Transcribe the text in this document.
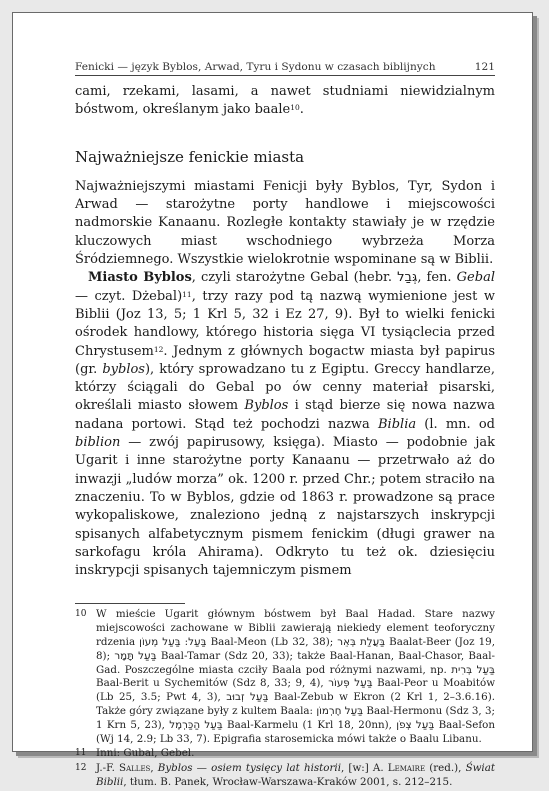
Fenicki — język Byblos, Arwad, Tyru i Sydonu w czasach biblijnych	121

cami, rzekami, lasami, a nawet studniami niewidzialnym bóstwom, określanym jako baale$^{10}$.

Najważniejsze fenickie miasta

Najważniejszymi miastami Fenicji były Byblos, Tyr, Sydon i Arwad — starożytne porty handlowe i miejscowości nadmorskie Kanaanu. Rozległe kontakty stawiały je w rzędzie kluczowych miast wschodniego wybrzeża Morza Śródziemnego. Wszystkie wielokrotnie wspominane są w Biblii.

Miasto Byblos, czyli starożytne Gebal (hebr. גְּבַל, fen. Gebal — czyt. Dżebal)$^{11}$, trzy razy pod tą nazwą wymienione jest w Biblii (Joz 13, 5; 1 Krl 5, 32 i Ez 27, 9). Był to wielki fenicki ośrodek handlowy, którego historia sięga VI tysiąclecia przed Chrystusem$^{12}$. Jednym z głównych bogactw miasta był papirus (gr. byblos), który sprowadzano tu z Egiptu. Greccy handlarze, którzy ściągali do Gebal po ów cenny materiał pisarski, określali miasto słowem Byblos i stąd bierze się nowa nazwa nadana portowi. Stąd też pochodzi nazwa Biblia (l. mn. od biblion — zwój papirusowy, księga). Miasto — podobnie jak Ugarit i inne starożytne porty Kanaanu — przetrwało aż do inwazji „ludów morza” ok. 1200 r. przed Chr.; potem straciło na znaczeniu. To w Byblos, gdzie od 1863 r. prowadzone są prace wykopaliskowe, znaleziono jedną z najstarszych inskrypcji spisanych alfabetycznym pismem fenickim (długi grawer na sarkofagu króla Ahirama). Odkryto tu też ok. dziesięciu inskrypcji spisanych tajemniczym pismem

10 W mieście Ugarit głównym bóstwem był Baal Hadad. Stare nazwy miejscowości zachowane w Biblii zawierają niekiedy element teoforyczny rdzenia	בַּעַל: בַּעַל מְעוֹן	Baal-Meon (Lb 32, 38); בַּעֲלַת בְּאֵר Baalat-Beer (Joz 19, 8); בַּעַל תָּמָר Baal-Tamar (Sdz 20, 33); także Baal-Hanan, Baal-Chasor, Baal-Gad. Poszczególne miasta czciły Baala pod różnymi nazwami, np. בַּעַל בְּרִית Baal-Berit u Sychemitów (Sdz 8, 33; 9, 4), בַּעַל פְּעוֹר Baal-Peor u Moabitów (Lb 25, 3.5; Pwt 4, 3), בַּעַל זְבוּב Baal-Zebub w Ekron (2 Krl 1, 2–3.6.16). Także góry związane były z kultem Baala: בַּעַל חֶרְמוֹן Baal-Hermonu (Sdz 3, 3; 1 Krn 5, 23), בַּעַל הַכַּרְמֶל Baal-Karmelu (1 Krl 18, 20nn), בַּעַל צְפֹן Baal-Sefon (Wj 14, 2.9; Lb 33, 7). Epigrafia starosemicka mówi także o Baalu Libanu.
11 Inni: Gubal, Gebel.
12 J.-F. Salles, Byblos — osiem tysięcy lat historii, [w:] A. Lemaire (red.), Świat Biblii, tłum. B. Panek, Wrocław-Warszawa-Kraków 2001, s. 212–215.
